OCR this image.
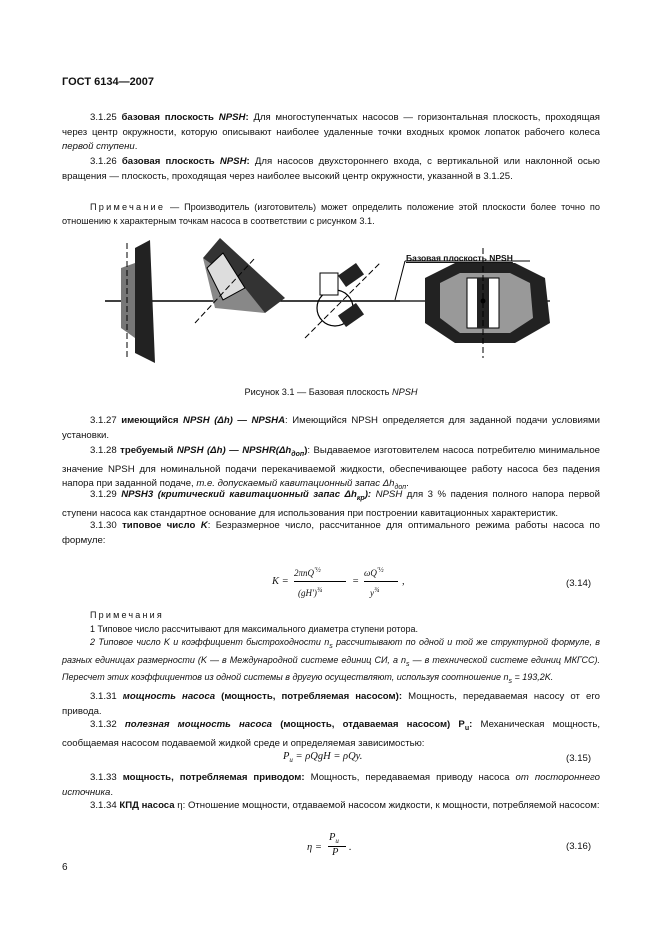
ГОСТ 6134—2007
3.1.25 базовая плоскость NPSH: Для многоступенчатых насосов — горизонтальная плоскость, проходящая через центр окружности, которую описывают наиболее удаленные точки входных кромок лопаток рабочего колеса первой ступени.
3.1.26 базовая плоскость NPSH: Для насосов двухстороннего входа, с вертикальной или наклонной осью вращения — плоскость, проходящая через наиболее высокий центр окружности, указанной в 3.1.25.
Примечание — Производитель (изготовитель) может определить положение этой плоскости более точно по отношению к характерным точкам насоса в соответствии с рисунком 3.1.
Базовая плоскость NPSH
Рисунок 3.1 — Базовая плоскость NPSH
3.1.27 имеющийся NPSH (Δh) — NPSHA: Имеющийся NPSH определяется для заданной подачи условиями установки.
3.1.28 требуемый NPSH (Δh) — $NPSHR(\Delta h_{доп})$: Выдаваемое изготовителем насоса потребителю минимальное значение NPSH для номинальной подачи перекачиваемой жидкости, обеспечивающее работу насоса без падения напора при заданной подаче, т.е. допускаемый кавитационный запас $\Delta h_{доп}$.
3.1.29 NPSH3 (критический кавитационный запас $\Delta h_{кр}$): NPSH для 3 % падения полного напора первой ступени насоса как стандартное основание для использования при построении кавитационных характеристик.
3.1.30 типовое число K: Безразмерное число, рассчитанное для оптимального режима работы насоса по формуле:
K =
2πnQ$^{'\frac{1}{2}}$
$(gH')^{\frac{3}{4}}$
=
$\omega Q^{'\frac{1}{2}}$
$y^{\frac{3}{4}}$
,	(3.14)
Примечания
1 Типовое число рассчитывают для максимального диаметра ступени ротора.
2 Типовое число K и коэффициент быстроходности $n_s$ рассчитывают по одной и той же структурной формуле, в разных единицах размерности (K — в Международной системе единиц СИ, а $n_s$ — в технической системе единиц МКГСС). Пересчет этих коэффициентов из одной системы в другую осуществляют, используя соотношение $n_s = 193,2K$.
3.1.31 мощность насоса (мощность, потребляемая насосом): Мощность, передаваемая насосу от его привода.
3.1.32 полезная мощность насоса (мощность, отдаваемая насосом) $P_u$: Механическая мощность, сообщаемая насосом подаваемой жидкой среде и определяемая зависимостью:
$P_u = \rho QgH = \rho Qy$.	(3.15)
3.1.33 мощность, потребляемая приводом: Мощность, передаваемая приводу насоса от постороннего источника.
3.1.34 КПД насоса η: Отношение мощности, отдаваемой насосом жидкости, к мощности, потребляемой насосом:
η =
$P_u$
P .	(3.16)
6
